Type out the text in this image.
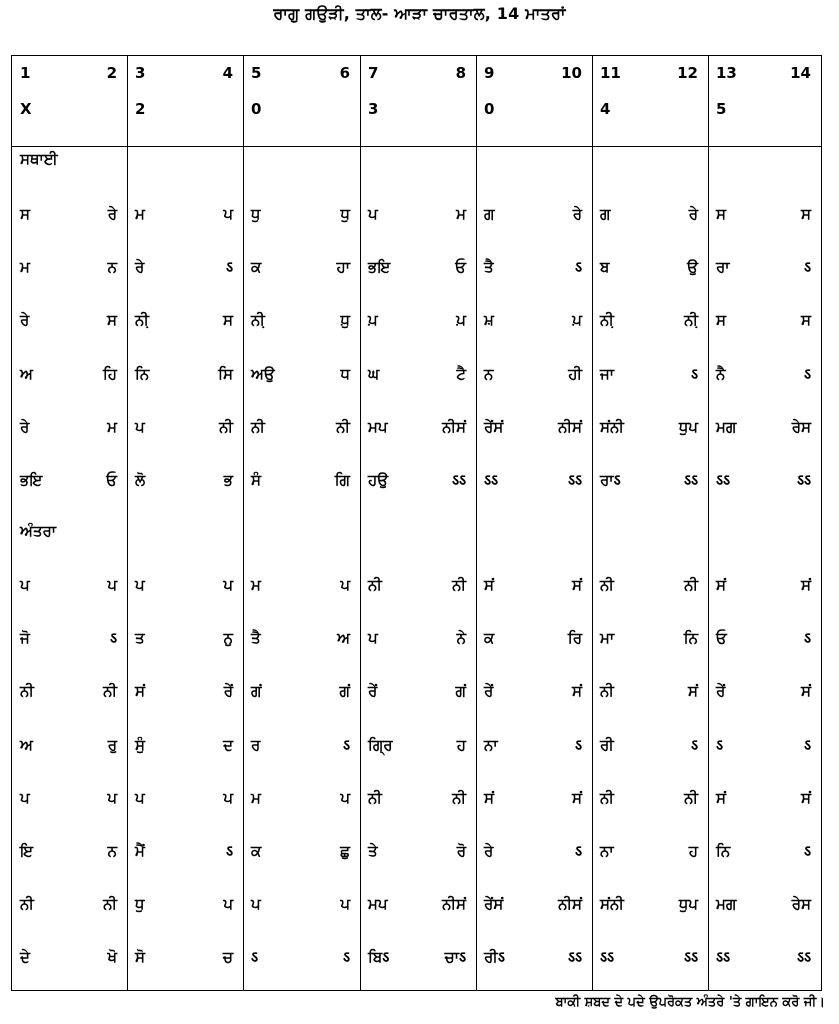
ਰਾਗੁ ਗਉੜੀ, ਤਾਲ- ਆੜਾ ਚਾਰਤਾਲ, 14 ਮਾਤਰਾਂ
1	2 3	4 5	6 7	8 9	10 11	12 13	14
X	2	0	3	0	4	5
ਸਥਾਈ
ਸ	ਰੇ ਮ	ਪ ਧੁ	ਧੁ ਪ	ਮ ਗ	ਰੇ ਗ	ਰੇ ਸ	ਸ
ਮ	ਨ ਰੇ	ऽ ਕ	ਹਾ ਭਇ	ਓ ਤੈ	ऽ ਬ	ਉ ਰਾ	ऽ
ਰੇ	ਸ ਨੀ਼	ਸ ਨੀ਼	ਧ਼ੁ ਪ਼	ਪ਼ ਮ਼	ਪ਼ ਨੀ਼	ਨੀ਼ ਸ	ਸ
ਅ	ਹਿ ਨਿ	ਸਿ ਅਉ	ਧ ਘ	ਟੈ ਨ	ਹੀ ਜਾ	ऽ ਨੈ	ऽ
ਰੇ	ਮ ਪ	ਨੀ ਨੀ	ਨੀ ਮਪ	ਨੀਸਂ ਰੇਂਸਂ	ਨੀਸਂ ਸਂਨੀ	ਧੁਪ ਮਗ	ਰੇਸ
ਭਇ	ਓ ਲੋ	ਭ ਸੰ	ਗਿ ਹਉ	ऽऽ ऽऽ	ऽऽ ਰਾऽ	ऽऽ ऽऽ	ऽऽ
ਅੰਤਰਾ
ਪ	ਪ ਪ	ਪ ਮ	ਪ ਨੀ	ਨੀ ਸਂ	ਸਂ ਨੀ	ਨੀ ਸਂ	ਸਂ
ਜੋ	ऽ ਤ	ਨੁ ਤੈ	ਅ ਪ	ਨੇ ਕ	ਰਿ ਮਾ	ਨਿ ਓ	ऽ
ਨੀ	ਨੀ ਸਂ	ਰੇਂ ਗਂ	ਗਂ ਰੇਂ	ਗਂ ਰੇਂ	ਸਂ ਨੀ	ਸਂ ਰੇਂ	ਸਂ
ਅ	ਰੁ ਸੁੰ	ਦ ਰ	ऽ ਗ੍ਰਿ	ਹ ਨਾ	ऽ ਰੀ	ऽ ऽ	ऽ
ਪ	ਪ ਪ	ਪ ਮ	ਪ ਨੀ	ਨੀ ਸਂ	ਸਂ ਨੀ	ਨੀ ਸਂ	ਸਂ
ਇ	ਨ ਮੈਂ	ऽ ਕ	ਛੁ ਤੇ	ਰੋ ਰੇ	ऽ ਨਾ	ਹ ਨਿ	ऽ
ਨੀ	ਨੀ ਧੁ	ਪ ਪ	ਪ ਮਪ	ਨੀਸਂ ਰੇਂਸਂ	ਨੀਸਂ ਸਂਨੀ	ਧੁਪ ਮਗ	ਰੇਸ
ਦੇ	ਖੋ ਸੋ	ਚ ऽ	ऽ ਬਿऽ	ਚਾऽ ਰੀऽ	ऽऽ ऽऽ	ऽऽ ऽऽ	ऽऽ
ਬਾਕੀ ਸ਼ਬਦ ਦੇ ਪਦੇ ਉਪਰੋਕਤ ਅੰਤਰੇ 'ਤੇ ਗਾਇਨ ਕਰੋ ਜੀ।
